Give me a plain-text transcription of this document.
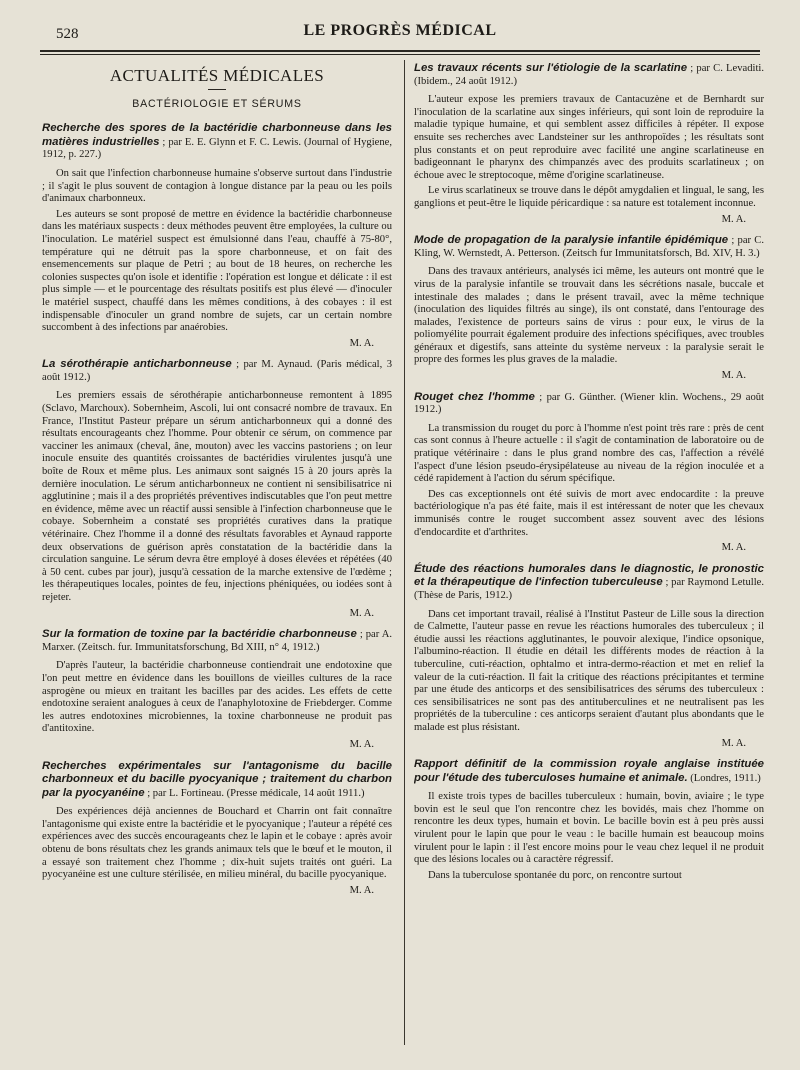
528	LE PROGRÈS MÉDICAL
ACTUALITÉS MÉDICALES
BACTÉRIOLOGIE ET SÉRUMS
Recherche des spores de la bactéridie charbonneuse dans les matières industrielles ; par E. E. Glynn et F. C. Lewis. (Journal of Hygiene, 1912, p. 227.)

On sait que l'infection charbonneuse humaine s'observe surtout dans l'industrie ; il s'agit le plus souvent de contagion à longue distance par la peau ou les poils d'animaux charbonneux.

Les auteurs se sont proposé de mettre en évidence la bactéridie charbonneuse dans les matériaux suspects : deux méthodes peuvent être employées, la culture ou l'inoculation. Le matériel suspect est émulsionné dans l'eau, chauffé à 75-80°, température qui ne détruit pas la spore charbonneuse, et on fait des ensemencements sur plaque de Petri ; au bout de 18 heures, on recherche les colonies suspectes qu'on isole et identifie : l'opération est longue et délicate : il est plus simple — et le pourcentage des résultats positifs est plus élevé — d'inoculer le matériel suspect, chauffé dans les mêmes conditions, à des cobayes : il est indispensable d'inoculer un grand nombre de sujets, car un certain nombre succombent à des infections par anaérobies.

M. A.
La sérothérapie anticharbonneuse ; par M. Aynaud. (Paris médical, 3 août 1912.)

Les premiers essais de sérothérapie anticharbonneuse remontent à 1895 (Sclavo, Marchoux). Sobernheim, Ascoli, lui ont consacré nombre de travaux. En France, l'Institut Pasteur prépare un sérum anticharbonneux qui a donné des résultats encourageants chez l'homme. Pour obtenir ce sérum, on commence par vacciner les animaux (cheval, âne, mouton) avec les vaccins pastoriens ; on leur inocule ensuite des quantités croissantes de bactéridies virulentes jusqu'à une boîte de Roux et même plus. Les animaux sont saignés 15 à 20 jours après la dernière inoculation. Le sérum anticharbonneux ne contient ni sensibilisatrice ni agglutinine ; mais il a des propriétés préventives indiscutables que l'on peut mettre en évidence, même avec un réactif aussi sensible à l'infection charbonneuse que le cobaye. Sobernheim a constaté ses propriétés curatives dans la pratique vétérinaire. Chez l'homme il a donné des résultats favorables et Aynaud rapporte deux observations de guérison après constatation de la bactéridie dans la circulation sanguine. Le sérum devra être employé à doses élevées et répétées (40 à 50 cent. cubes par jour), jusqu'à cessation de la marche extensive de l'œdème ; les thérapeutiques locales, pointes de feu, injections phéniquées, ou iodées sont à rejeter.

M. A.
Sur la formation de toxine par la bactéridie charbonneuse ; par A. Marxer. (Zeitsch. fur. Immunitatsforschung, Bd XIII, n° 4, 1912.)

D'après l'auteur, la bactéridie charbonneuse contiendrait une endotoxine que l'on peut mettre en évidence dans les bouillons de vieilles cultures de la race asprogène ou mieux en traitant les bacilles par des acides. Les effets de cette endotoxine seraient analogues à ceux de l'anaphylotoxine de Friebderger. Comme les autres endotoxines microbiennes, la toxine charbonneuse ne produit pas d'antitoxine.

M. A.
Recherches expérimentales sur l'antagonisme du bacille charbonneux et du bacille pyocyanique ; traitement du charbon par la pyocyanéine ; par L. Fortineau. (Presse médicale, 14 août 1911.)

Des expériences déjà anciennes de Bouchard et Charrin ont fait connaître l'antagonisme qui existe entre la bactéridie et le pyocyanique ; l'auteur a répété ces expériences avec des succès encourageants chez le lapin et le cobaye : après avoir obtenu de bons résultats chez les grands animaux tels que le bœuf et le mouton, il a essayé son traitement chez l'homme ; dix-huit sujets traités ont guéri. La pyocyanéine est une culture stérilisée, en milieu minéral, du bacille pyocyanique.

M. A.
Les travaux récents sur l'étiologie de la scarlatine ; par C. Levaditi. (Ibidem., 24 août 1912.)

L'auteur expose les premiers travaux de Cantacuzène et de Bernhardt sur l'inoculation de la scarlatine aux singes inférieurs, qui sont loin de reproduire la maladie typique humaine, et qui semblent assez difficiles à répéter. Il expose ensuite ses recherches avec Landsteiner sur les anthropoïdes ; les résultats sont plus constants et on peut reproduire avec facilité une angine scarlatineuse en badigeonnant le pharynx des chimpanzés avec des produits scarlatineux ; on échoue avec le streptocoque, même d'origine scarlatineuse.

Le virus scarlatineux se trouve dans le dépôt amygdalien et lingual, le sang, les ganglions et peut-être le liquide péricardique : sa nature est totalement inconnue.

M. A.
Mode de propagation de la paralysie infantile épidémique ; par C. Kling, W. Wernstedt, A. Petterson. (Zeitsch fur Immunitatsforsch, Bd. XIV, H. 3.)

Dans des travaux antérieurs, analysés ici même, les auteurs ont montré que le virus de la paralysie infantile se trouvait dans les sécrétions nasale, buccale et intestinale des malades ; dans le présent travail, avec la même technique (inoculation des liquides filtrés au singe), ils ont constaté, dans l'entourage des malades, l'existence de porteurs sains de virus : pour eux, le virus de la poliomyélite pourrait également produire des infections spécifiques, avec troubles généraux et digestifs, sans atteinte du système nerveux : la paralysie serait le propre des formes les plus graves de la maladie.

M. A.
Rouget chez l'homme ; par G. Günther. (Wiener klin. Wochens., 29 août 1912.)

La transmission du rouget du porc à l'homme n'est point très rare : près de cent cas sont connus à l'heure actuelle : il s'agit de contamination de laboratoire ou de pratique vétérinaire : dans le plus grand nombre des cas, l'affection a révélé l'aspect d'une lésion pseudo-érysipélateuse au niveau de la région inoculée et a cédé rapidement à l'action du sérum spécifique.

Des cas exceptionnels ont été suivis de mort avec endocardite : la preuve bactériologique n'a pas été faite, mais il est intéressant de noter que les chevaux immunisés contre le rouget succombent assez souvent avec des lésions d'endocardite et d'arthrites.

M. A.
Étude des réactions humorales dans le diagnostic, le pronostic et la thérapeutique de l'infection tuberculeuse ; par Raymond Letulle. (Thèse de Paris, 1912.)

Dans cet important travail, réalisé à l'Institut Pasteur de Lille sous la direction de Calmette, l'auteur passe en revue les réactions humorales des tuberculeux ; il étudie aussi les réactions agglutinantes, le pouvoir alexique, l'indice opsonique, l'albumino-réaction. Il étudie en détail les différents modes de réaction à la tuberculine, cuti-réaction, ophtalmo et intra-dermo-réaction et met en relief la valeur de la cuti-réaction. Il fait la critique des réactions précipitantes et termine par une étude des anticorps et des sensibilisatrices des sérums des tuberculeux : ces sensibilisatrices ne sont pas des antituberculines et ne neutralisent pas les propriétés de la tuberculine : ces anticorps seraient d'autant plus abondants que le malade est plus résistant.

M. A.
Rapport définitif de la commission royale anglaise instituée pour l'étude des tuberculoses humaine et animale. (Londres, 1911.)

Il existe trois types de bacilles tuberculeux : humain, bovin, aviaire ; le type bovin est le seul que l'on rencontre chez les bovidés, mais chez l'homme on rencontre les deux types, humain et bovin. Le bacille bovin est à peu près aussi virulent pour le lapin que pour le veau : le bacille humain est beaucoup moins virulent pour le lapin : il l'est encore moins pour le veau chez lequel il ne produit que des lésions locales ou à caractère régressif.

Dans la tuberculose spontanée du porc, on rencontre surtout
